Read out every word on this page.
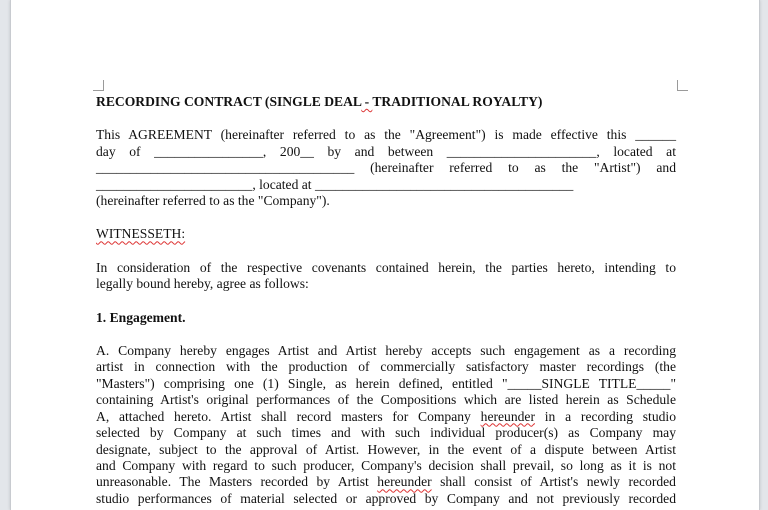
RECORDING CONTRACT (SINGLE DEAL - TRADITIONAL ROYALTY)

This AGREEMENT (hereinafter referred to as the "Agreement") is made effective this ______
day of ________________, 200__ by and between ______________________, located at
______________________________________ (hereinafter referred to as the "Artist") and
_______________________, located at ______________________________________
(hereinafter referred to as the "Company").

WITNESSETH:

In consideration of the respective covenants contained herein, the parties hereto, intending to
legally bound hereby, agree as follows:

1. Engagement.

A. Company hereby engages Artist and Artist hereby accepts such engagement as a recording
artist in connection with the production of commercially satisfactory master recordings (the
"Masters") comprising one (1) Single, as herein defined, entitled "_____SINGLE TITLE_____"
containing Artist's original performances of the Compositions which are listed herein as Schedule
A, attached hereto. Artist shall record masters for Company hereunder in a recording studio
selected by Company at such times and with such individual producer(s) as Company may
designate, subject to the approval of Artist. However, in the event of a dispute between Artist
and Company with regard to such producer, Company's decision shall prevail, so long as it is not
unreasonable. The Masters recorded by Artist hereunder shall consist of Artist's newly recorded
studio performances of material selected or approved by Company and not previously recorded
